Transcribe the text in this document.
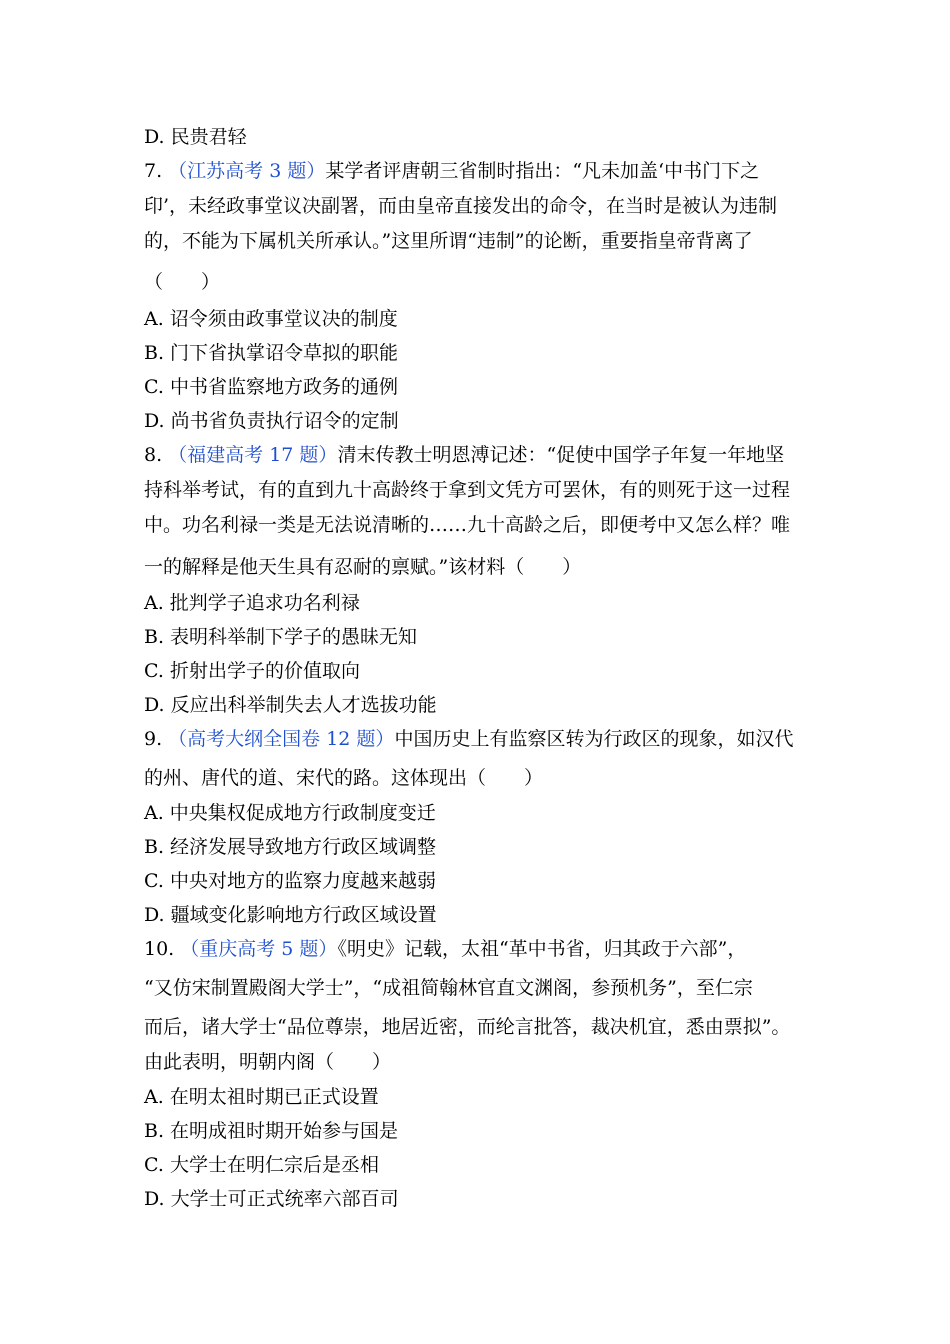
D. 民贵君轻
7. （江苏高考 3 题）某学者评唐朝三省制时指出：“凡未加盖‘中书门下之
印’，未经政事堂议决副署，而由皇帝直接发出的命令，在当时是被认为违制
的，不能为下属机关所承认。”这里所谓“违制”的论断，重要指皇帝背离了
（　　）
A. 诏令须由政事堂议决的制度
B. 门下省执掌诏令草拟的职能
C. 中书省监察地方政务的通例
D. 尚书省负责执行诏令的定制
8. （福建高考 17 题）清末传教士明恩溥记述：“促使中国学子年复一年地坚
持科举考试，有的直到九十高龄终于拿到文凭方可罢休，有的则死于这一过程
中。功名利禄一类是无法说清晰的……九十高龄之后，即便考中又怎么样？唯
一的解释是他天生具有忍耐的禀赋。”该材料（　　）
A. 批判学子追求功名利禄
B. 表明科举制下学子的愚昧无知
C. 折射出学子的价值取向
D. 反应出科举制失去人才选拔功能
9. （高考大纲全国卷 12 题）中国历史上有监察区转为行政区的现象，如汉代
的州、唐代的道、宋代的路。这体现出（　　）
A. 中央集权促成地方行政制度变迁
B. 经济发展导致地方行政区域调整
C. 中央对地方的监察力度越来越弱
D. 疆域变化影响地方行政区域设置
10. （重庆高考 5 题）《明史》记载，太祖“革中书省，归其政于六部”，
“又仿宋制置殿阁大学士”，“成祖简翰林官直文渊阁，参预机务”，至仁宗
而后，诸大学士“品位尊崇，地居近密，而纶言批答，裁决机宜，悉由票拟”。
由此表明，明朝内阁（　　）
A. 在明太祖时期已正式设置
B. 在明成祖时期开始参与国是
C. 大学士在明仁宗后是丞相
D. 大学士可正式统率六部百司
